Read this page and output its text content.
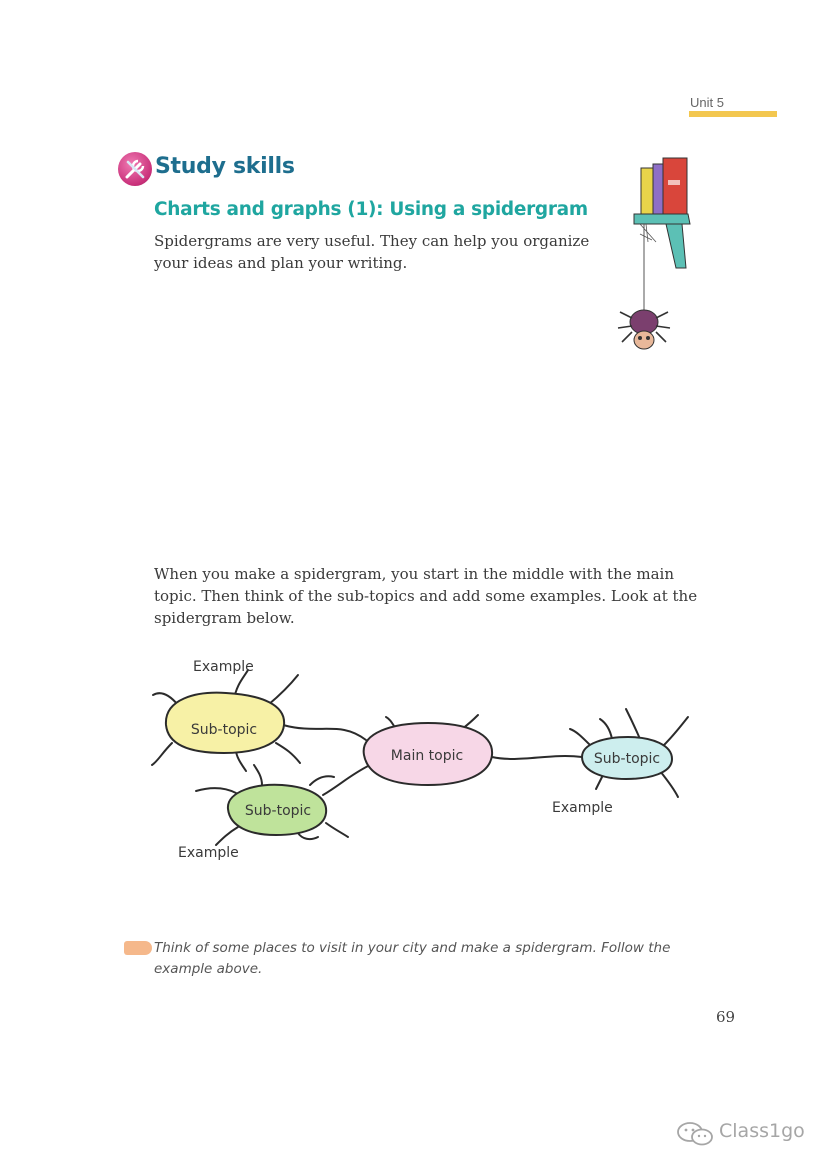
Unit 5
Study skills
Charts and graphs (1): Using a spidergram
Spidergrams are very useful. They can help you organize your ideas and plan your writing.
Main topic
Sub-topic
Sub-topic
Sub-topic
Example
Example
Example
When you make a spidergram, you start in the middle with the main topic. Then think of the sub-topics and add some examples. Look at the spidergram below.
Think of some places to visit in your city and make a spidergram. Follow the example above.
69
Class1go
